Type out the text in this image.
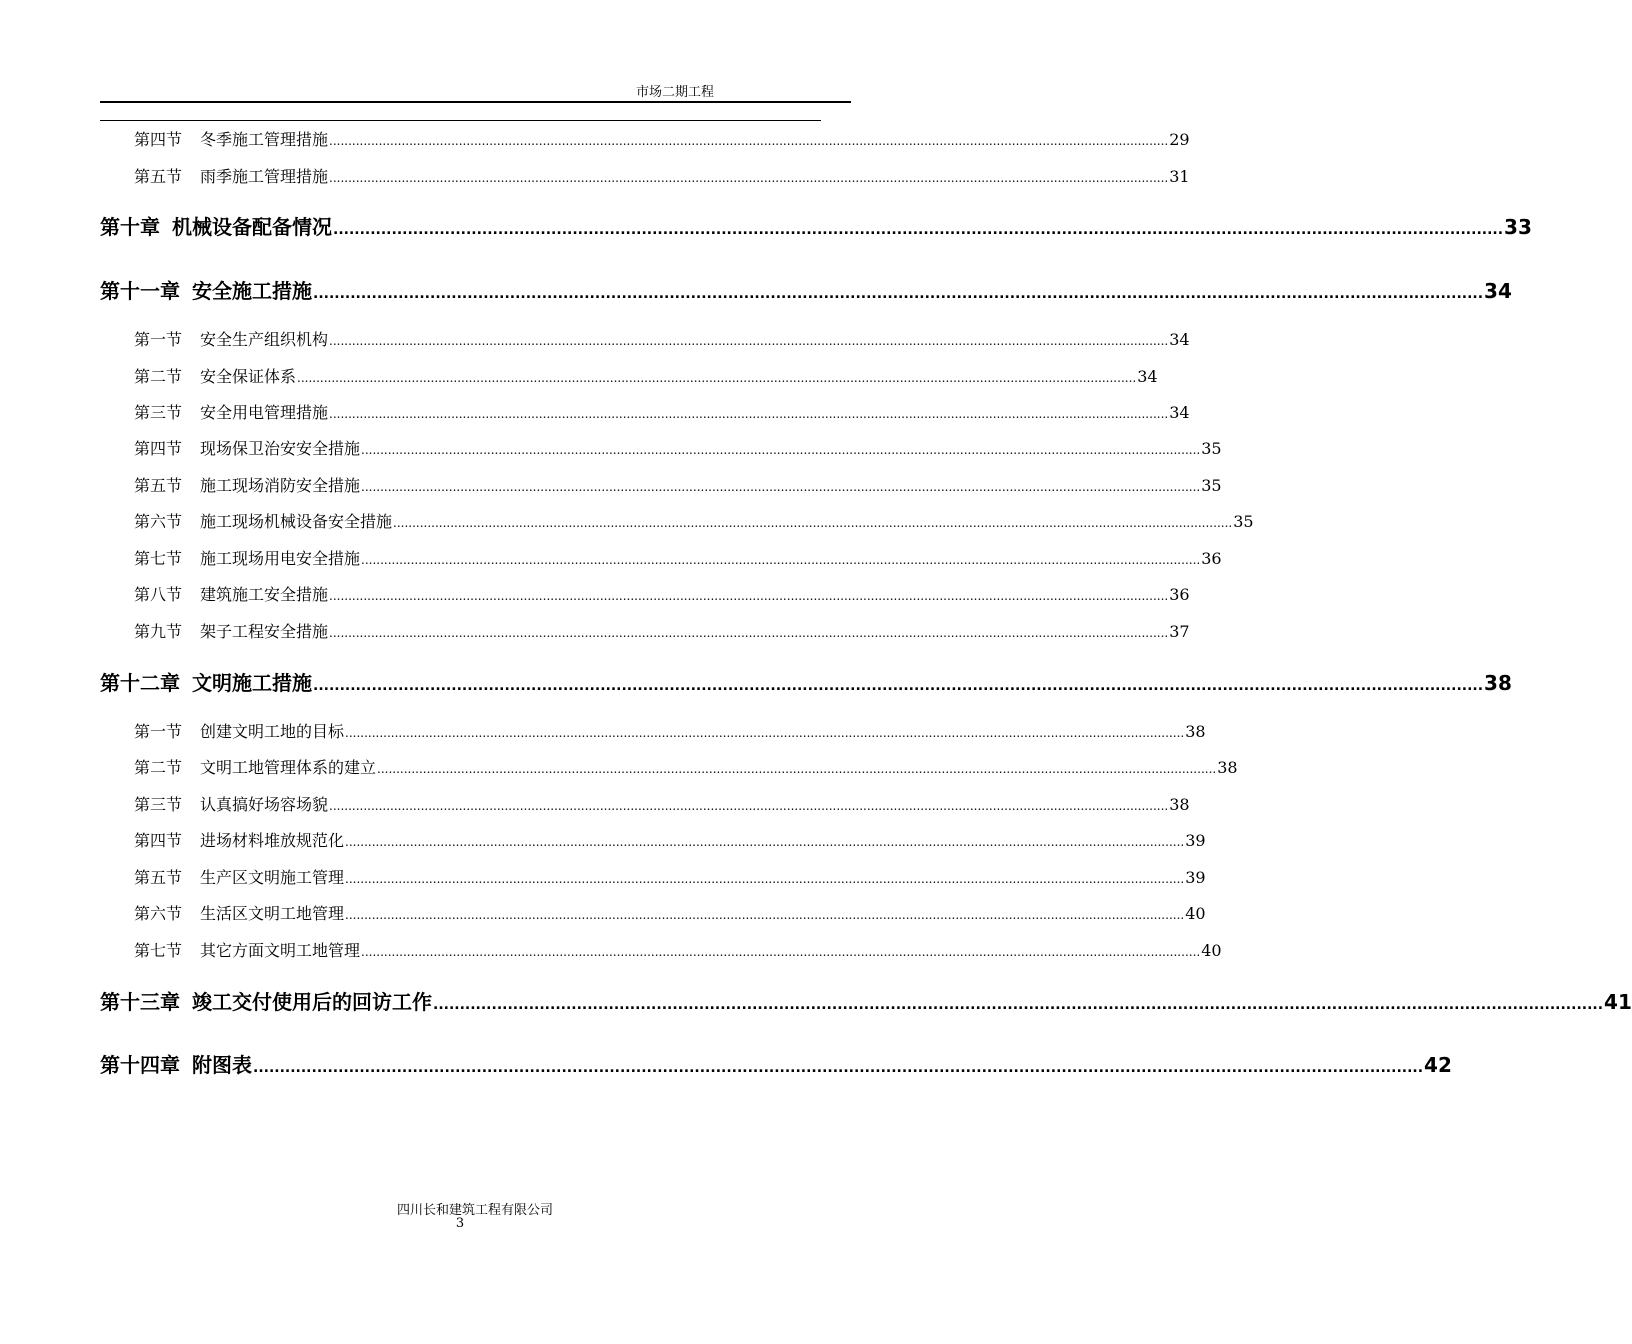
市场二期工程
第四节	冬季施工管理措施 ............................................................................................................................................................................................................................ 29
第五节	雨季施工管理措施 ............................................................................................................................................................................................................................ 31
第十章 机械设备配备情况 ............................................................................................................................................................................................................................ 33
第十一章 安全施工措施 ............................................................................................................................................................................................................................ 34
第一节	安全生产组织机构 ............................................................................................................................................................................................................................ 34
第二节	安全保证体系 ............................................................................................................................................................................................................................ 34
第三节	安全用电管理措施 ............................................................................................................................................................................................................................ 34
第四节	现场保卫治安安全措施 ............................................................................................................................................................................................................................ 35
第五节	施工现场消防安全措施 ............................................................................................................................................................................................................................ 35
第六节	施工现场机械设备安全措施 ............................................................................................................................................................................................................................ 35
第七节	施工现场用电安全措施 ............................................................................................................................................................................................................................ 36
第八节	建筑施工安全措施 ............................................................................................................................................................................................................................ 36
第九节	架子工程安全措施 ............................................................................................................................................................................................................................ 37
第十二章 文明施工措施 ............................................................................................................................................................................................................................ 38
第一节	创建文明工地的目标 ............................................................................................................................................................................................................................ 38
第二节	文明工地管理体系的建立 ............................................................................................................................................................................................................................ 38
第三节	认真搞好场容场貌 ............................................................................................................................................................................................................................ 38
第四节	进场材料堆放规范化 ............................................................................................................................................................................................................................ 39
第五节	生产区文明施工管理 ............................................................................................................................................................................................................................ 39
第六节	生活区文明工地管理 ............................................................................................................................................................................................................................ 40
第七节	其它方面文明工地管理 ............................................................................................................................................................................................................................ 40
第十三章 竣工交付使用后的回访工作 ............................................................................................................................................................................................................................ 41
第十四章 附图表 ............................................................................................................................................................................................................................ 42
四川长和建筑工程有限公司
3
